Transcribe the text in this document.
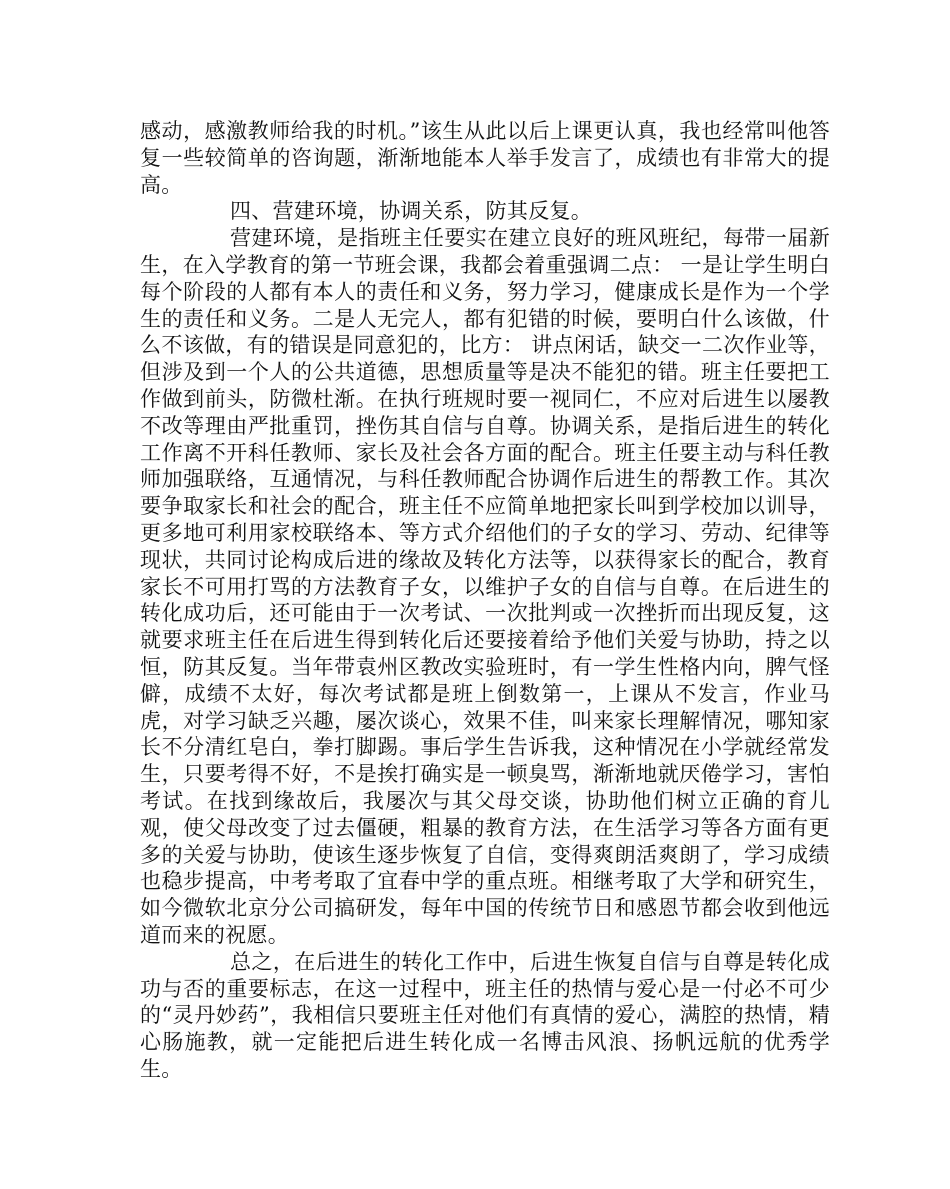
感动，感激教师给我的时机。”该生从此以后上课更认真，我也经常叫他答复一些较简单的咨询题，渐渐地能本人举手发言了，成绩也有非常大的提高。

四、营建环境，协调关系，防其反复。

营建环境，是指班主任要实在建立良好的班风班纪，每带一届新生，在入学教育的第一节班会课，我都会着重强调二点： 一是让学生明白每个阶段的人都有本人的责任和义务，努力学习，健康成长是作为一个学生的责任和义务。二是人无完人，都有犯错的时候，要明白什么该做，什么不该做，有的错误是同意犯的，比方： 讲点闲话，缺交一二次作业等，但涉及到一个人的公共道德，思想质量等是决不能犯的错。班主任要把工作做到前头，防微杜渐。在执行班规时要一视同仁，不应对后进生以屡教不改等理由严批重罚，挫伤其自信与自尊。协调关系，是指后进生的转化工作离不开科任教师、家长及社会各方面的配合。班主任要主动与科任教师加强联络，互通情况，与科任教师配合协调作后进生的帮教工作。其次要争取家长和社会的配合，班主任不应简单地把家长叫到学校加以训导，更多地可利用家校联络本、等方式介绍他们的子女的学习、劳动、纪律等现状，共同讨论构成后进的缘故及转化方法等，以获得家长的配合，教育家长不可用打骂的方法教育子女，以维护子女的自信与自尊。在后进生的转化成功后，还可能由于一次考试、一次批判或一次挫折而出现反复，这就要求班主任在后进生得到转化后还要接着给予他们关爱与协助，持之以恒，防其反复。当年带袁州区教改实验班时，有一学生性格内向，脾气怪僻，成绩不太好，每次考试都是班上倒数第一，上课从不发言，作业马虎，对学习缺乏兴趣，屡次谈心，效果不佳，叫来家长理解情况，哪知家长不分清红皂白，拳打脚踢。事后学生告诉我，这种情况在小学就经常发生，只要考得不好，不是挨打确实是一顿臭骂，渐渐地就厌倦学习，害怕考试。在找到缘故后，我屡次与其父母交谈，协助他们树立正确的育儿观，使父母改变了过去僵硬，粗暴的教育方法，在生活学习等各方面有更多的关爱与协助，使该生逐步恢复了自信，变得爽朗活爽朗了，学习成绩也稳步提高，中考考取了宜春中学的重点班。相继考取了大学和研究生，如今微软北京分公司搞研发，每年中国的传统节日和感恩节都会收到他远道而来的祝愿。

总之，在后进生的转化工作中，后进生恢复自信与自尊是转化成功与否的重要标志，在这一过程中，班主任的热情与爱心是一付必不可少的“灵丹妙药”，我相信只要班主任对他们有真情的爱心，满腔的热情，精心肠施教，就一定能把后进生转化成一名博击风浪、扬帆远航的优秀学生。
